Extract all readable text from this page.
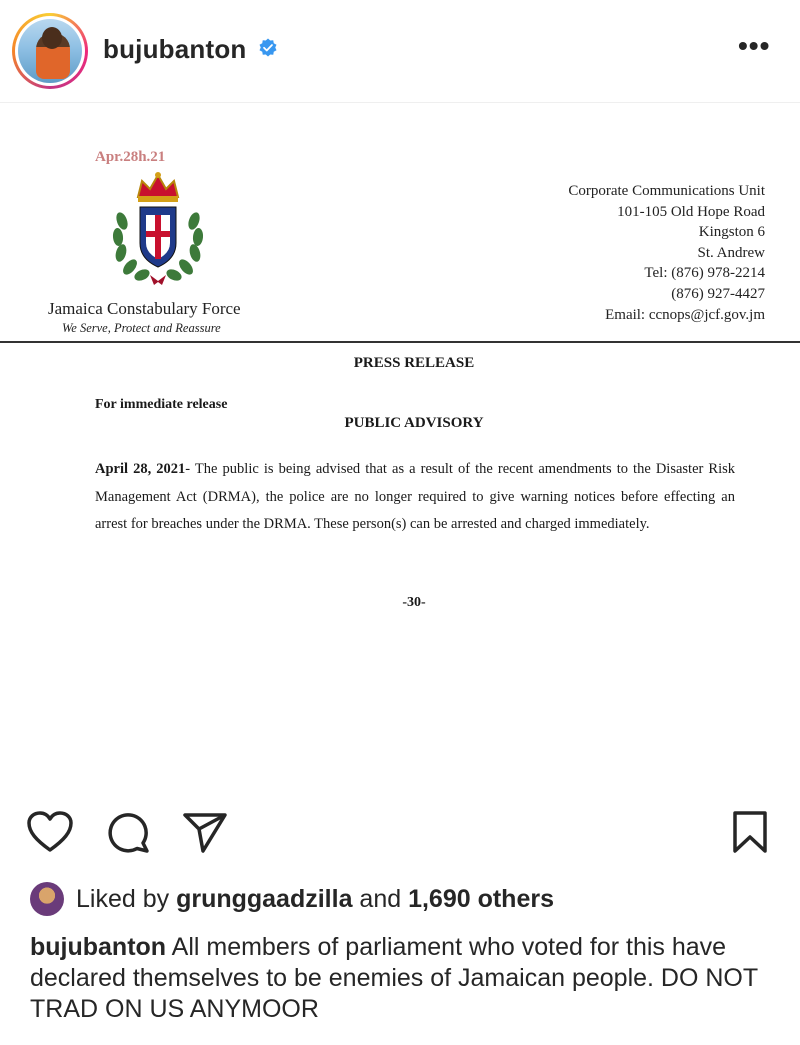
bujubanton	•••
Apr.28h.21
Jamaica Constabulary Force
We Serve, Protect and Reassure
Corporate Communications Unit
101-105 Old Hope Road
Kingston 6
St. Andrew
Tel: (876) 978-2214
(876) 927-4427
Email: ccnops@jcf.gov.jm
PRESS RELEASE
For immediate release
PUBLIC ADVISORY
April 28, 2021- The public is being advised that as a result of the recent amendments to the Disaster Risk Management Act (DRMA), the police are no longer required to give warning notices before effecting an arrest for breaches under the DRMA. These person(s) can be arrested and charged immediately.
-30-
Liked by grunggaadzilla and 1,690 others
bujubanton All members of parliament who voted for this have declared themselves to be enemies of Jamaican people. DO NOT TRAD ON US ANYMOOR
